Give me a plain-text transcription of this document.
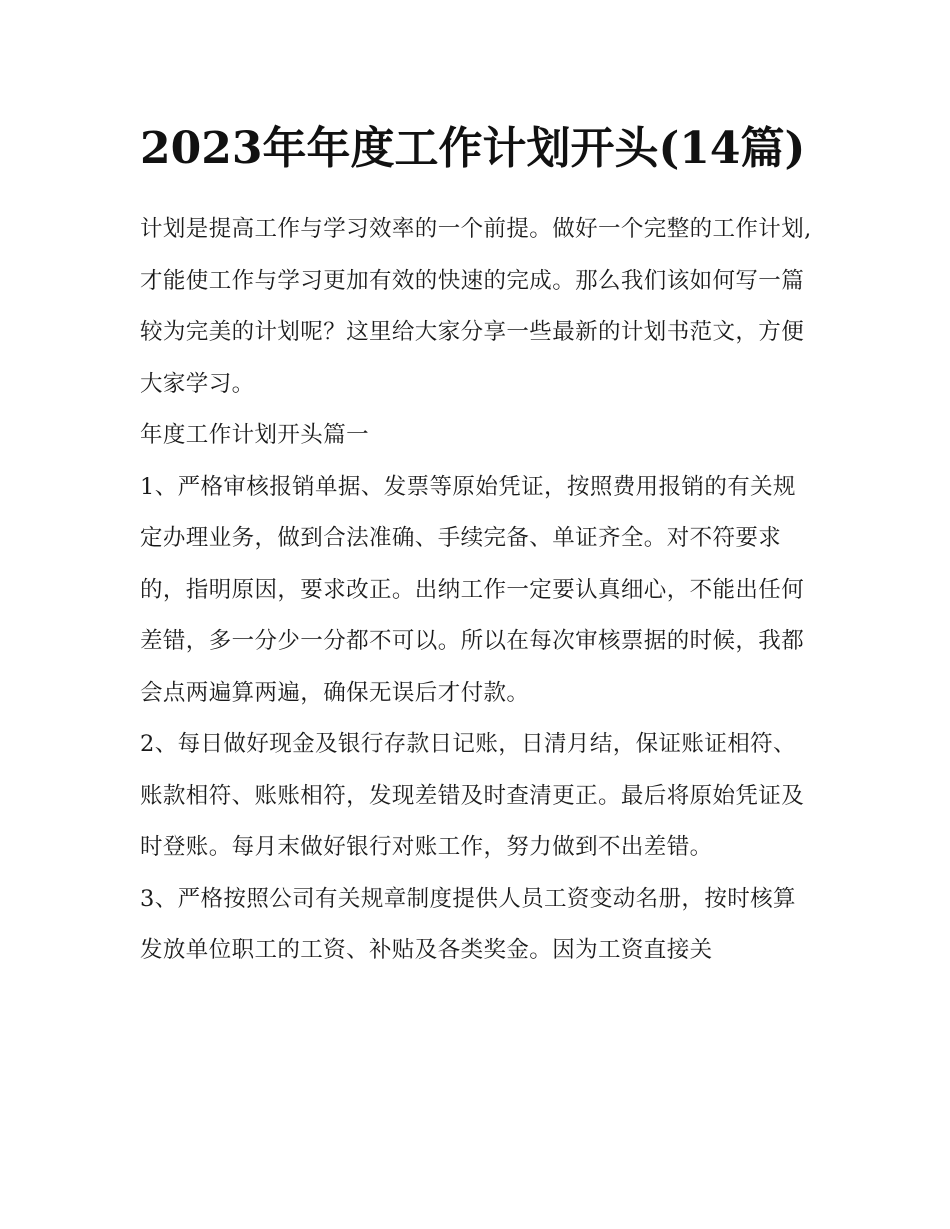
2023年年度工作计划开头(14篇)

计划是提高工作与学习效率的一个前提。做好一个完整的工作计划,才能使工作与学习更加有效的快速的完成。那么我们该如何写一篇较为完美的计划呢？这里给大家分享一些最新的计划书范文，方便大家学习。

年度工作计划开头篇一

1、严格审核报销单据、发票等原始凭证，按照费用报销的有关规定办理业务，做到合法准确、手续完备、单证齐全。对不符要求的，指明原因，要求改正。出纳工作一定要认真细心，不能出任何差错，多一分少一分都不可以。所以在每次审核票据的时候，我都会点两遍算两遍，确保无误后才付款。

2、每日做好现金及银行存款日记账，日清月结，保证账证相符、账款相符、账账相符，发现差错及时查清更正。最后将原始凭证及时登账。每月末做好银行对账工作，努力做到不出差错。

3、严格按照公司有关规章制度提供人员工资变动名册，按时核算发放单位职工的工资、补贴及各类奖金。因为工资直接关
